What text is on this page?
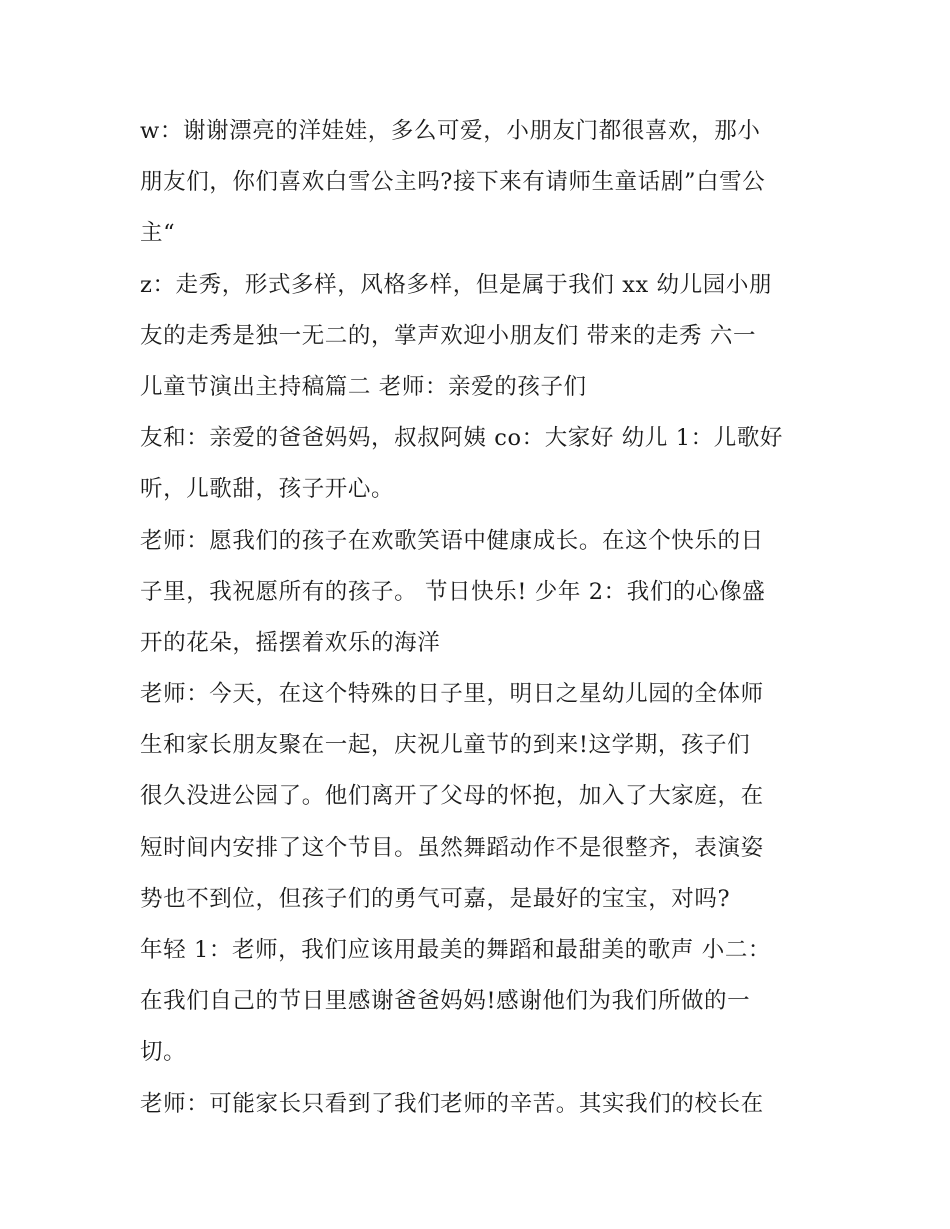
w：谢谢漂亮的洋娃娃，多么可爱，小朋友门都很喜欢，那小
朋友们，你们喜欢白雪公主吗?接下来有请师生童话剧”白雪公
主“
z：走秀，形式多样，风格多样，但是属于我们 xx 幼儿园小朋
友的走秀是独一无二的，掌声欢迎小朋友们 带来的走秀 六一
儿童节演出主持稿篇二 老师：亲爱的孩子们
友和：亲爱的爸爸妈妈，叔叔阿姨 co：大家好 幼儿 1：儿歌好
听，儿歌甜，孩子开心。
老师：愿我们的孩子在欢歌笑语中健康成长。在这个快乐的日
子里，我祝愿所有的孩子。 节日快乐! 少年 2：我们的心像盛
开的花朵，摇摆着欢乐的海洋
老师：今天，在这个特殊的日子里，明日之星幼儿园的全体师
生和家长朋友聚在一起，庆祝儿童节的到来!这学期，孩子们
很久没进公园了。他们离开了父母的怀抱，加入了大家庭，在
短时间内安排了这个节目。虽然舞蹈动作不是很整齐，表演姿
势也不到位，但孩子们的勇气可嘉，是最好的宝宝，对吗?
年轻 1：老师，我们应该用最美的舞蹈和最甜美的歌声 小二：
在我们自己的节日里感谢爸爸妈妈!感谢他们为我们所做的一
切。
老师：可能家长只看到了我们老师的辛苦。其实我们的校长在
